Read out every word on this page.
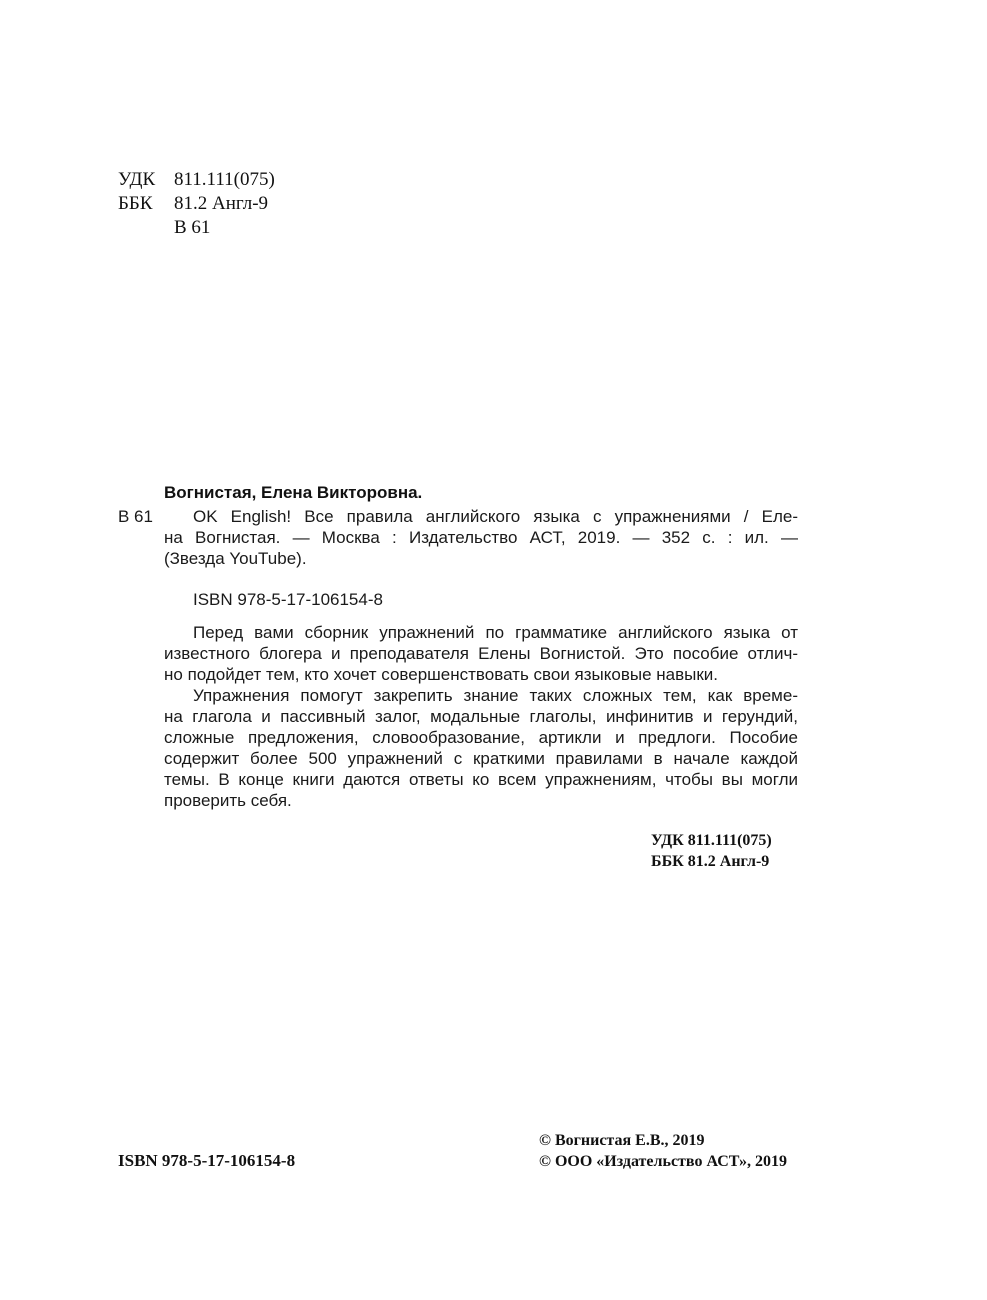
УДК 811.111(075)
ББК 81.2 Англ-9
В 61
Вогнистая, Елена Викторовна.
В 61	OK English! Все правила английского языка с упражнениями / Еле-
на Вогнистая. — Москва : Издательство АСТ, 2019. — 352 с. : ил. —
(Звезда YouTube).
ISBN 978-5-17-106154-8
Перед вами сборник упражнений по грамматике английского языка от
известного блогера и преподавателя Елены Вогнистой. Это пособие отлич-
но подойдет тем, кто хочет совершенствовать свои языковые навыки.
Упражнения помогут закрепить знание таких сложных тем, как време-
на глагола и пассивный залог, модальные глаголы, инфинитив и герундий,
сложные предложения, словообразование, артикли и предлоги. Пособие
содержит более 500 упражнений с краткими правилами в начале каждой
темы. В конце книги даются ответы ко всем упражнениям, чтобы вы могли
проверить себя.
УДК 811.111(075)
ББК 81.2 Англ-9
ISBN 978-5-17-106154-8
© Вогнистая Е.В., 2019
© ООО «Издательство АСТ», 2019
